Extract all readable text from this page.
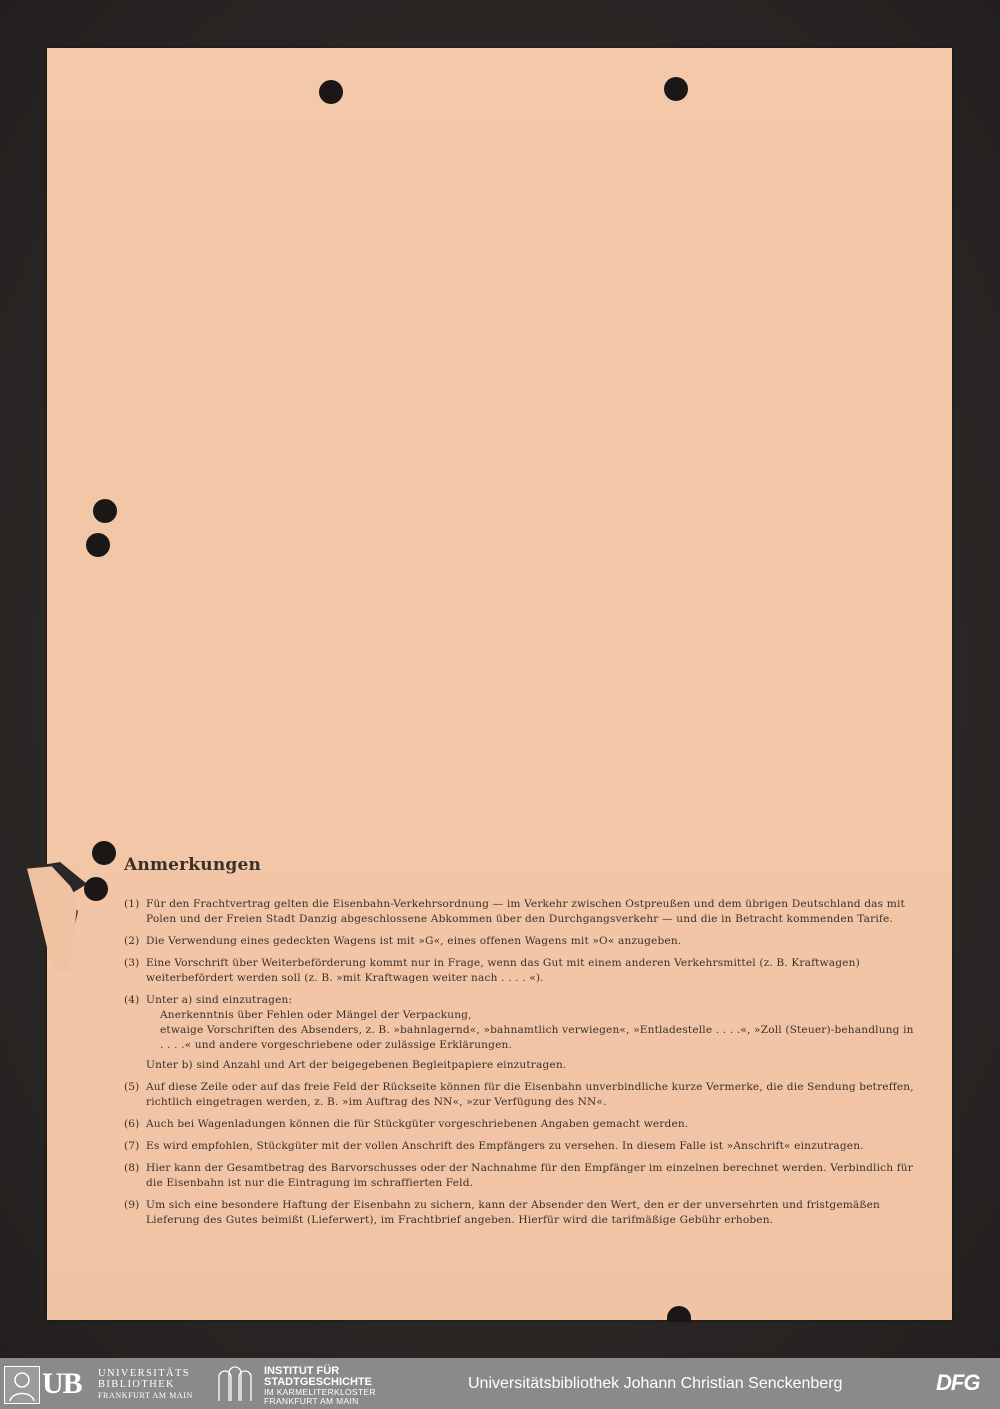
Anmerkungen
(1) Für den Frachtvertrag gelten die Eisenbahn-Verkehrsordnung — im Verkehr zwischen Ostpreußen und dem übrigen Deutschland das mit Polen und der Freien Stadt Danzig abgeschlossene Abkommen über den Durchgangsverkehr — und die in Betracht kommenden Tarife.
(2) Die Verwendung eines gedeckten Wagens ist mit »G«, eines offenen Wagens mit »O« anzugeben.
(3) Eine Vorschrift über Weiterbeförderung kommt nur in Frage, wenn das Gut mit einem anderen Verkehrsmittel (z. B. Kraftwagen) weiterbefördert werden soll (z. B. »mit Kraftwagen weiter nach . . . . «).
(4) Unter a) sind einzutragen:
Anerkenntnis über Fehlen oder Mängel der Verpackung,
etwaige Vorschriften des Absenders, z. B. »bahnlagernd«, »bahnamtlich verwiegen«, »Entladestelle . . . .«, »Zoll (Steuer)-behandlung in . . . .« und andere vorgeschriebene oder zulässige Erklärungen.
Unter b) sind Anzahl und Art der beigegebenen Begleitpapiere einzutragen.
(5) Auf diese Zeile oder auf das freie Feld der Rückseite können für die Eisenbahn unverbindliche kurze Vermerke, die die Sendung betreffen, richtlich eingetragen werden, z. B. »im Auftrag des NN«, »zur Verfügung des NN«.
(6) Auch bei Wagenladungen können die für Stückgüter vorgeschriebenen Angaben gemacht werden.
(7) Es wird empfohlen, Stückgüter mit der vollen Anschrift des Empfängers zu versehen. In diesem Falle ist »Anschrift« einzutragen.
(8) Hier kann der Gesamtbetrag des Barvorschusses oder der Nachnahme für den Empfänger im einzelnen berechnet werden. Verbindlich für die Eisenbahn ist nur die Eintragung im schraffierten Feld.
(9) Um sich eine besondere Haftung der Eisenbahn zu sichern, kann der Absender den Wert, den er der unversehrten und fristgemäßen Lieferung des Gutes beimißt (Lieferwert), im Frachtbrief angeben. Hierfür wird die tarifmäßige Gebühr erhoben.
UB UNIVERSITÄTS
BIBLIOTHEK
FRANKFURT AM MAIN
INSTITUT FÜR
STADTGESCHICHTE
IM KARMELITERKLOSTER
FRANKFURT AM MAIN
Universitätsbibliothek Johann Christian Senckenberg	DFG
